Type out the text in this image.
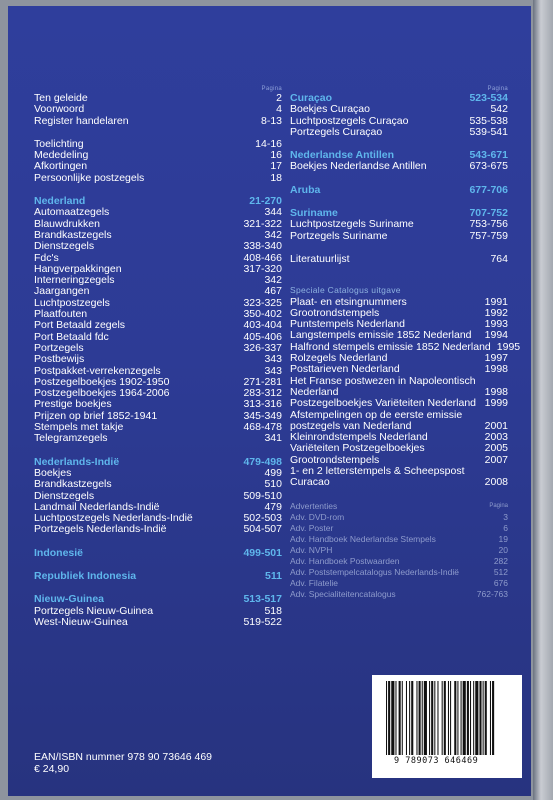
Pagina
Ten geleide	2
Voorwoord	4
Register handelaren	8-13
Toelichting	14-16
Mededeling	16
Afkortingen	17
Persoonlijke postzegels	18
Nederland	21-270
Automaatzegels	344
Blauwdrukken	321-322
Brandkastzegels	342
Dienstzegels	338-340
Fdc's	408-466
Hangverpakkingen	317-320
Interneringzegels	342
Jaargangen	467
Luchtpostzegels	323-325
Plaatfouten	350-402
Port Betaald zegels	403-404
Port Betaald fdc	405-406
Portzegels	326-337
Postbewijs	343
Postpakket-verrekenzegels	343
Postzegelboekjes 1902-1950	271-281
Postzegelboekjes 1964-2006	283-312
Prestige boekjes	313-316
Prijzen op brief 1852-1941	345-349
Stempels met takje	468-478
Telegramzegels	341
Nederlands-Indië	479-498
Boekjes	499
Brandkastzegels	510
Dienstzegels	509-510
Landmail Nederlands-Indië	479
Luchtpostzegels Nederlands-Indië	502-503
Portzegels Nederlands-Indië	504-507
Indonesië	499-501
Republiek Indonesia	511
Nieuw-Guinea	513-517
Portzegels Nieuw-Guinea	518
West-Nieuw-Guinea	519-522
Pagina
Curaçao	523-534
Boekjes Curaçao	542
Luchtpostzegels Curaçao	535-538
Portzegels Curaçao	539-541
Nederlandse Antillen	543-671
Boekjes Nederlandse Antillen	673-675
Aruba	677-706
Suriname	707-752
Luchtpostzegels Suriname	753-756
Portzegels Suriname	757-759
Literatuurlijst	764
Speciale Catalogus uitgave
Plaat- en etsingnummers	1991
Grootrondstempels	1992
Puntstempels Nederland	1993
Langstempels emissie 1852 Nederland 1994
Halfrond stempels emissie 1852 Nederland 1995
Rolzegels Nederland	1997
Posttarieven Nederland	1998
Het Franse postwezen in Napoleontisch
Nederland	1998
Postzegelboekjes Variëteiten Nederland 1999
Afstempelingen op de eerste emissie
postzegels van Nederland	2001
Kleinrondstempels Nederland	2003
Variëteiten Postzegelboekjes	2005
Grootrondstempels	2007
1- en 2 letterstempels & Scheepspost
Curacao	2008
Advertenties	Pagina
Adv. DVD-rom	3
Adv. Poster	6
Adv. Handboek Nederlandse Stempels	19
Adv. NVPH	20
Adv. Handboek Postwaarden	282
Adv. Poststempelcatalogus Nederlands-Indië	512
Adv. Filatelie	676
Adv. Specialiteitencatalogus	762-763
EAN/ISBN nummer 978 90 73646 469
€ 24,90
9 789073 646469
